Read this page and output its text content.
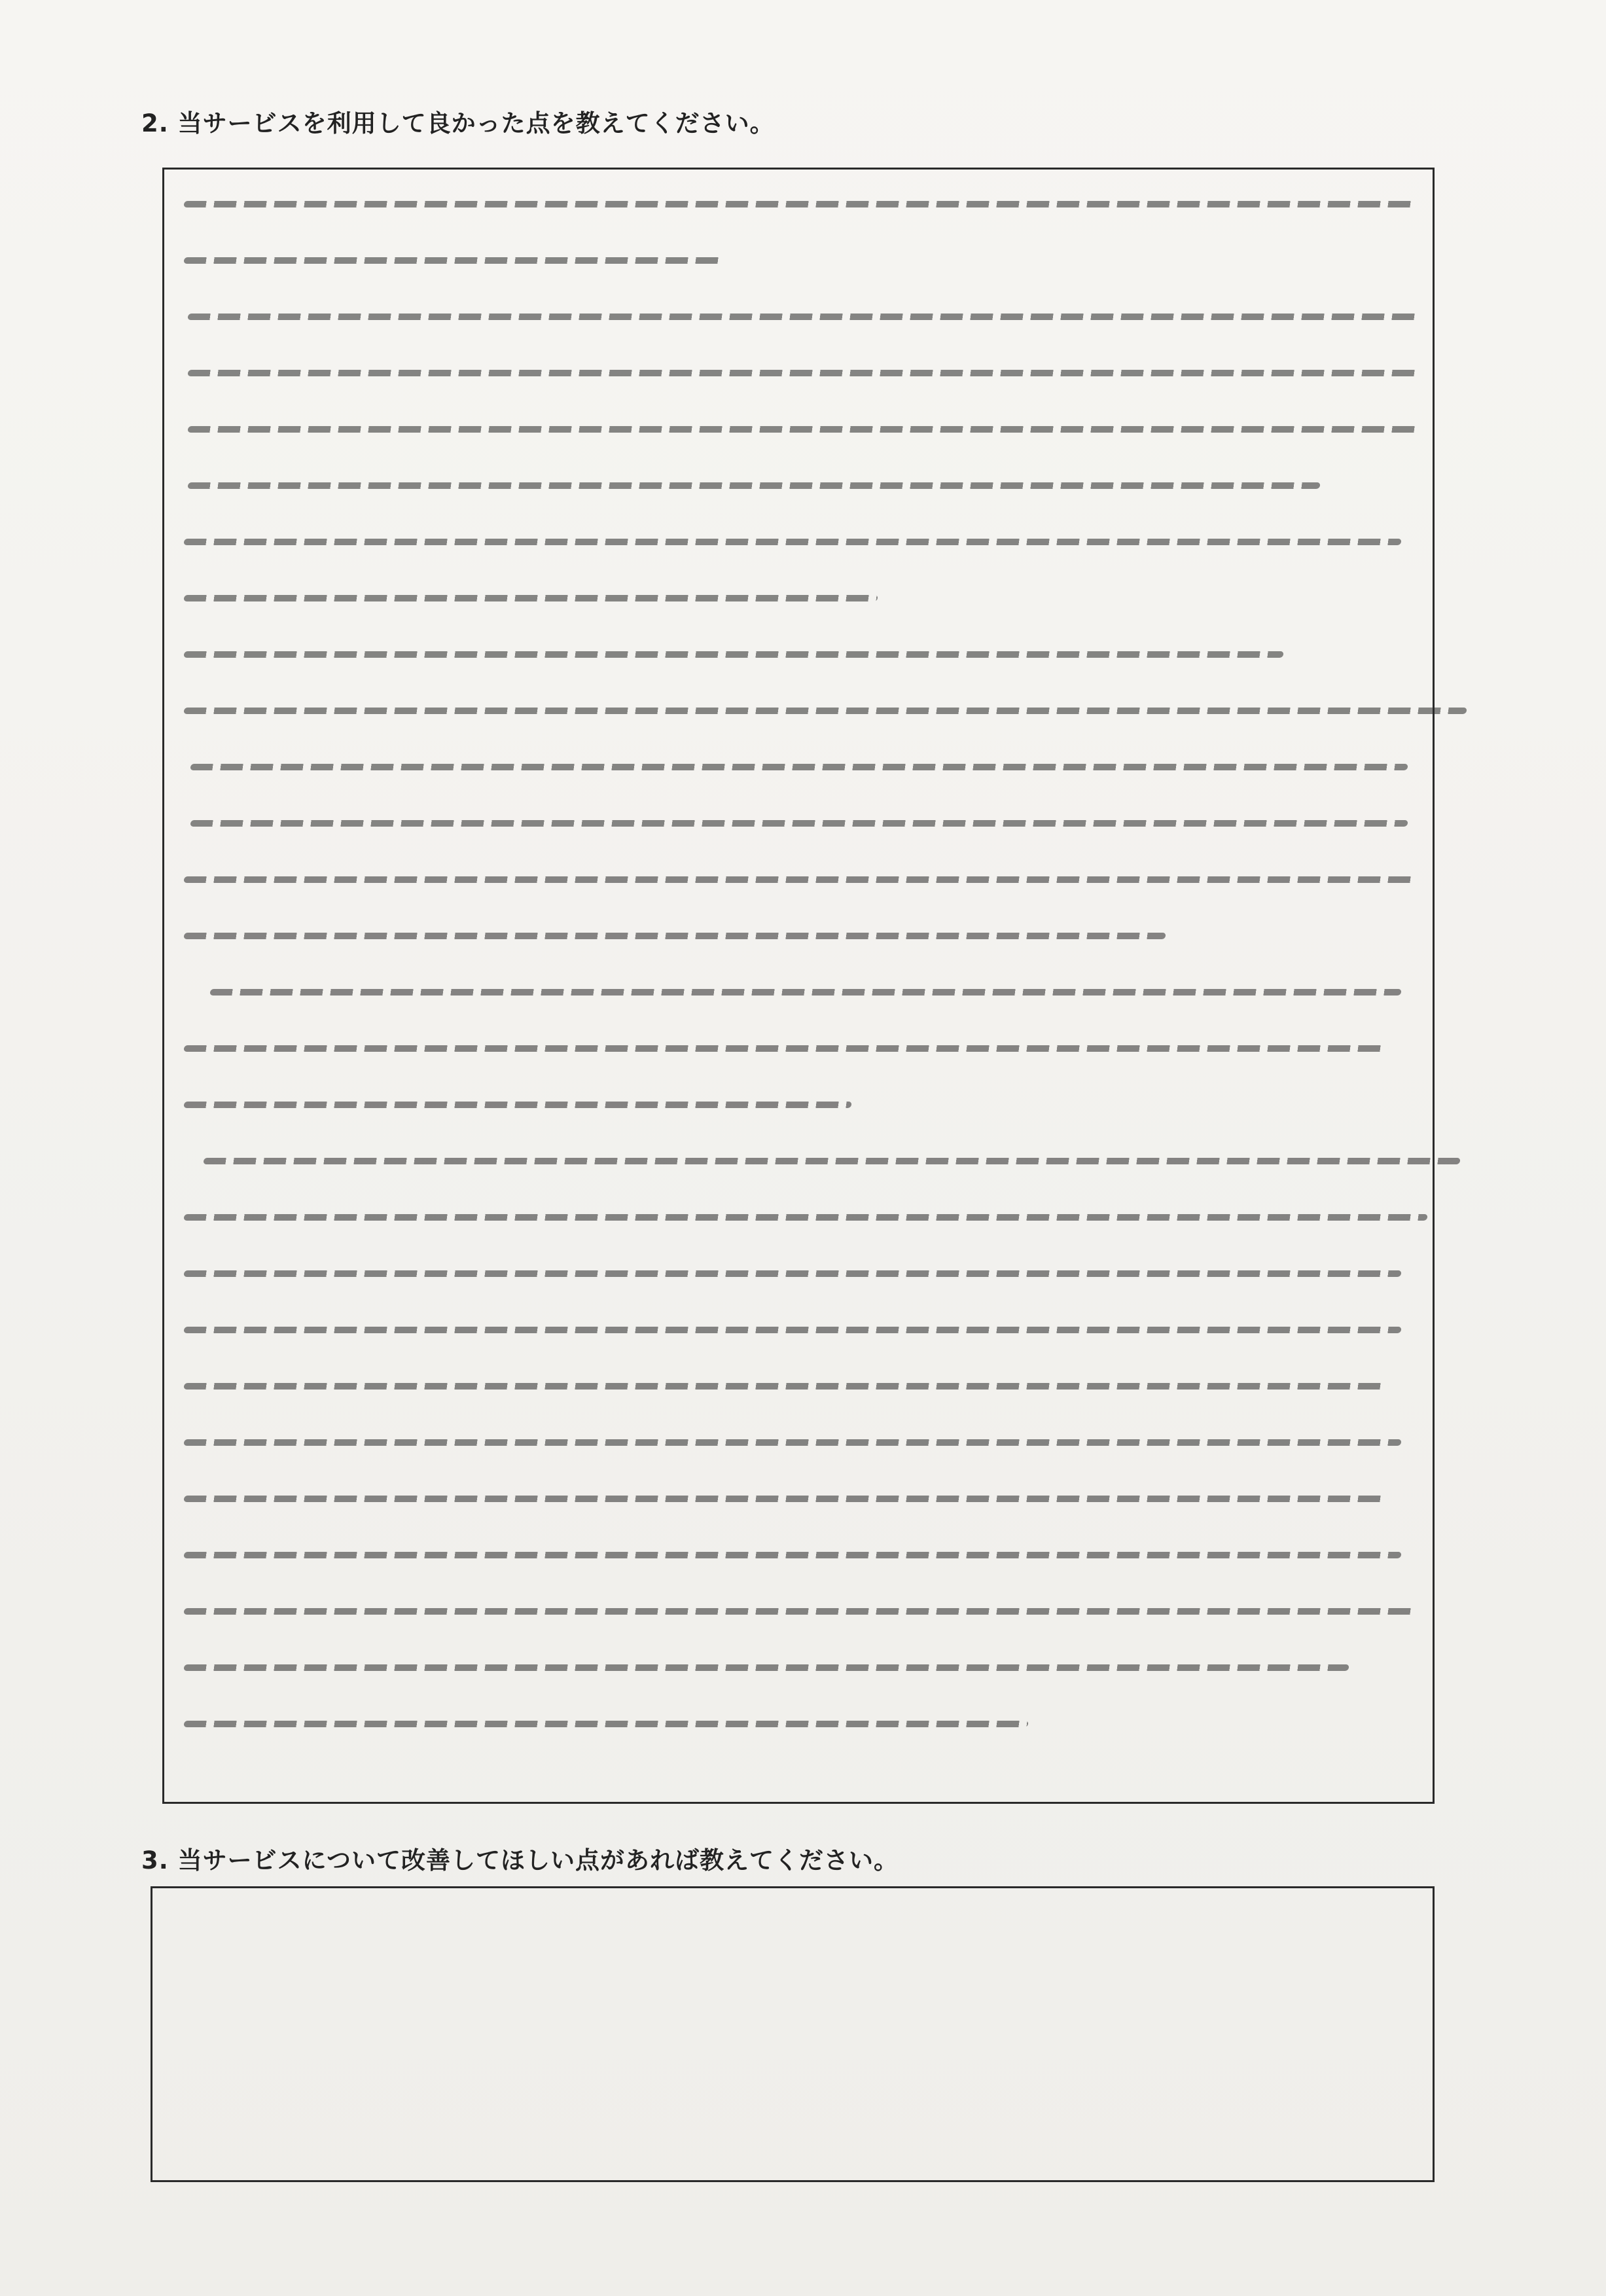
2. 当サービスを利用して良かった点を教えてください。
3. 当サービスについて改善してほしい点があれば教えてください。
